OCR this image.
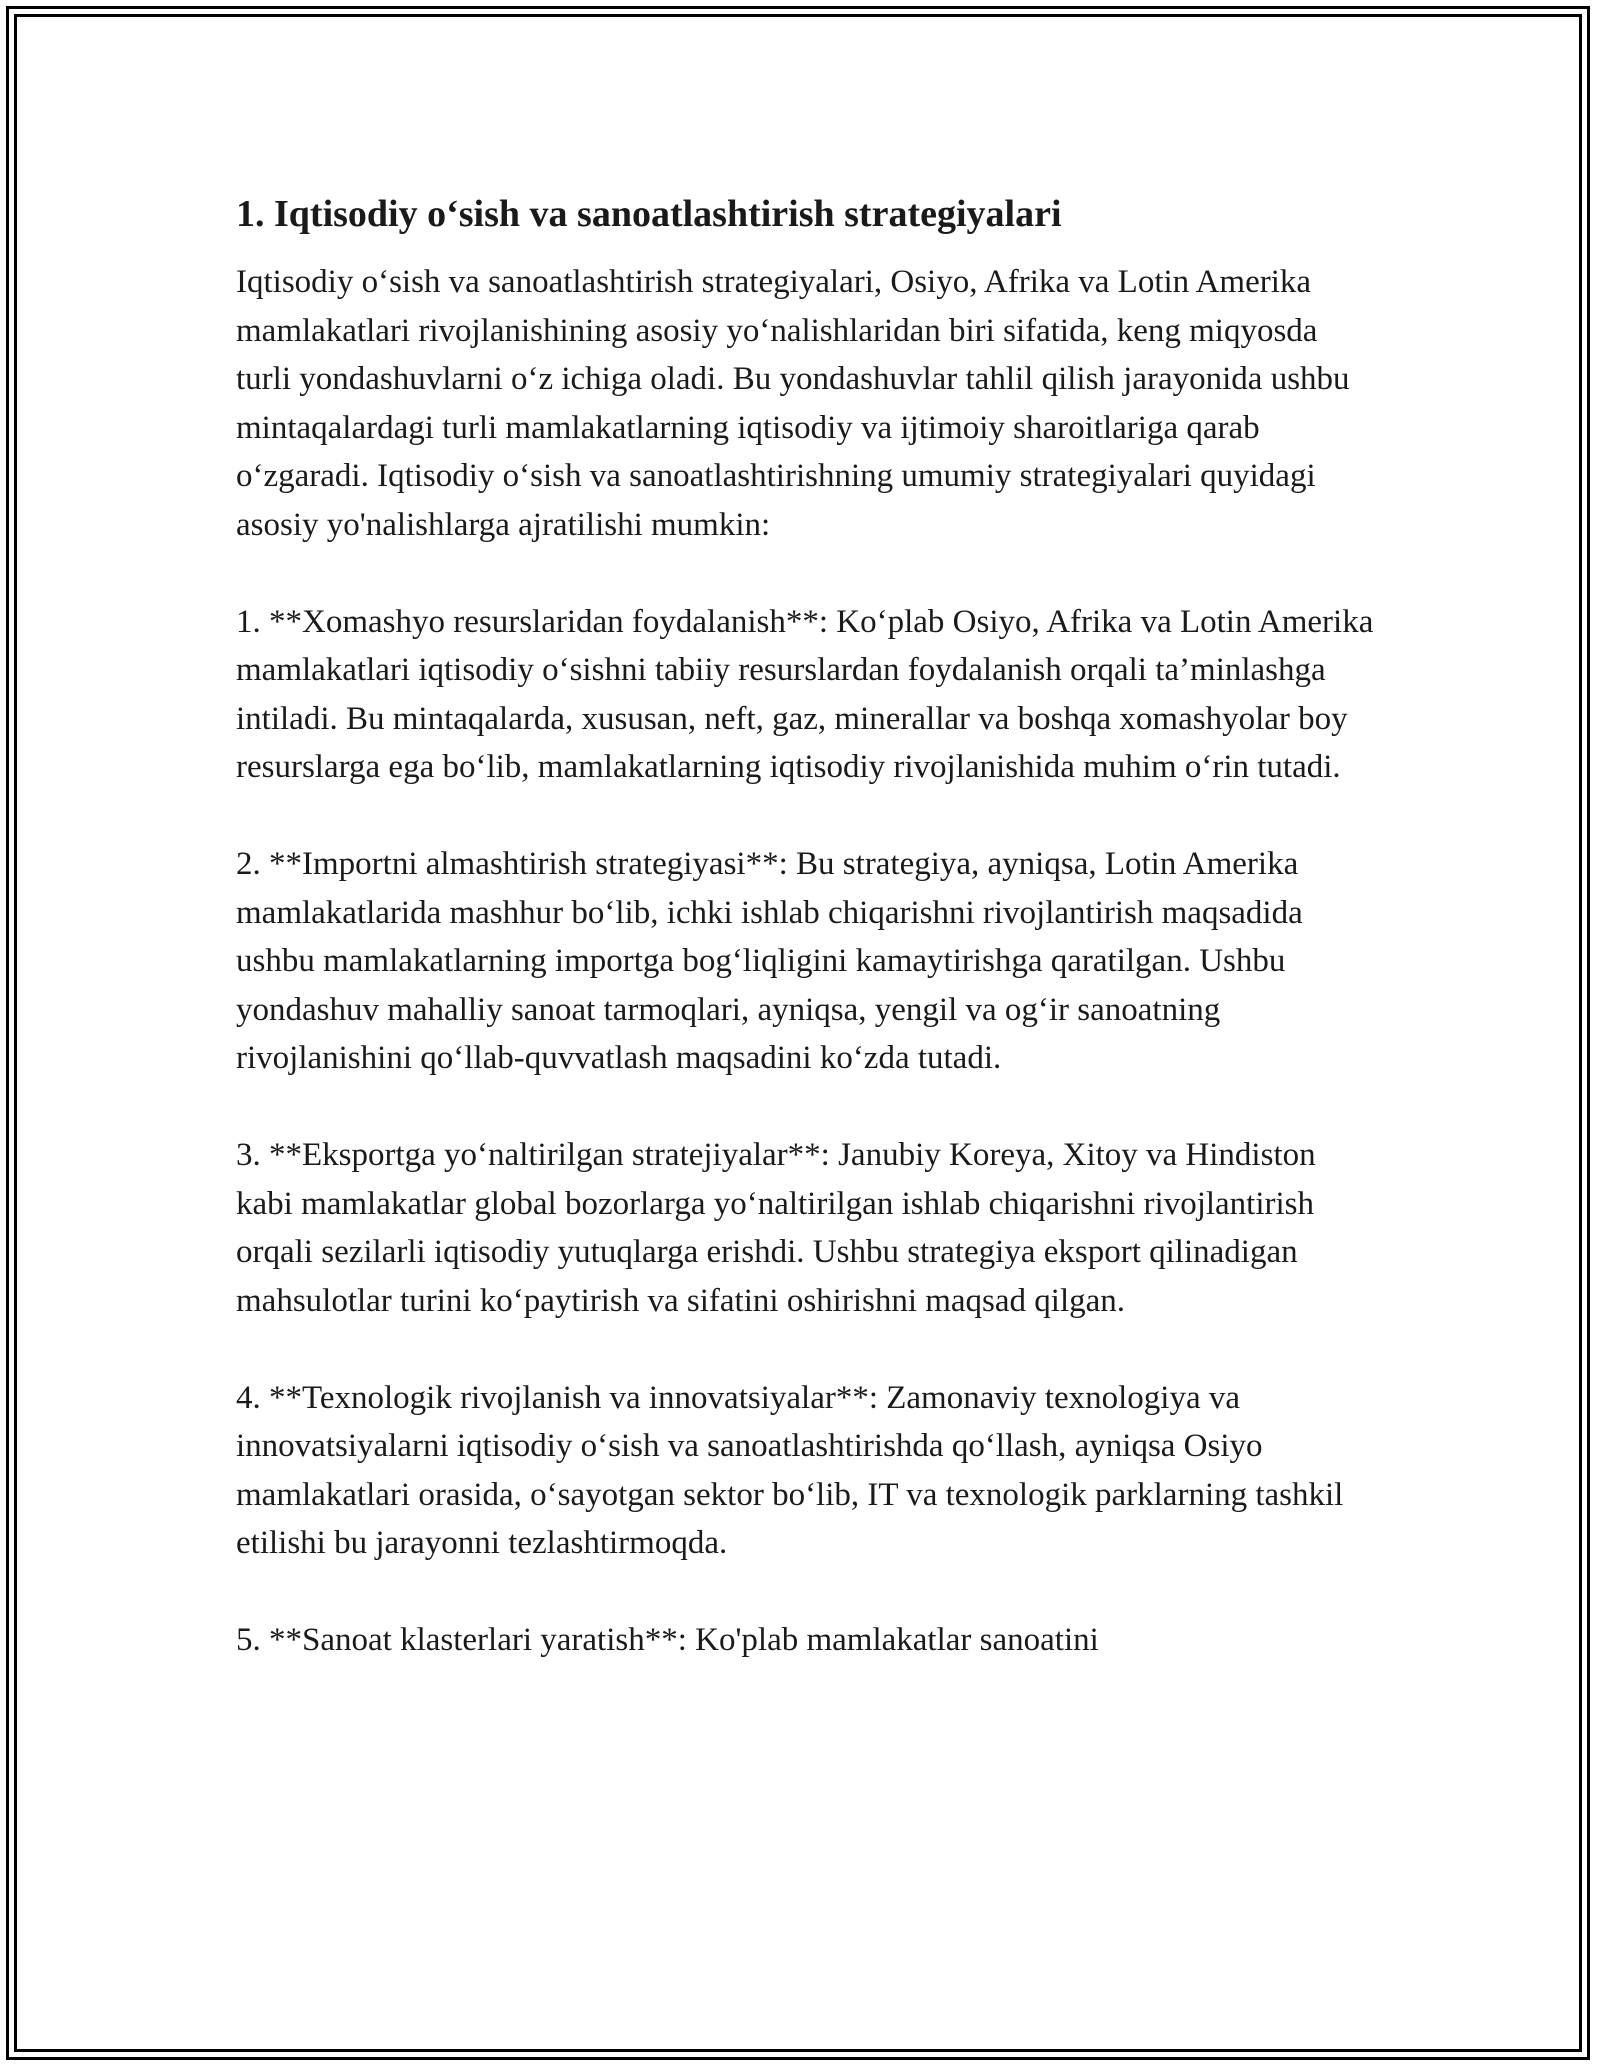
1. Iqtisodiy o‘sish va sanoatlashtirish strategiyalari

Iqtisodiy o‘sish va sanoatlashtirish strategiyalari, Osiyo, Afrika va Lotin Amerika mamlakatlari rivojlanishining asosiy yo‘nalishlaridan biri sifatida, keng miqyosda turli yondashuvlarni o‘z ichiga oladi. Bu yondashuvlar tahlil qilish jarayonida ushbu mintaqalardagi turli mamlakatlarning iqtisodiy va ijtimoiy sharoitlariga qarab o‘zgaradi. Iqtisodiy o‘sish va sanoatlashtirishning umumiy strategiyalari quyidagi asosiy yo'nalishlarga ajratilishi mumkin:

1. **Xomashyo resurslaridan foydalanish**: Ko‘plab Osiyo, Afrika va Lotin Amerika mamlakatlari iqtisodiy o‘sishni tabiiy resurslardan foydalanish orqali ta’minlashga intiladi. Bu mintaqalarda, xususan, neft, gaz, minerallar va boshqa xomashyolar boy resurslarga ega bo‘lib, mamlakatlarning iqtisodiy rivojlanishida muhim o‘rin tutadi.

2. **Importni almashtirish strategiyasi**: Bu strategiya, ayniqsa, Lotin Amerika mamlakatlarida mashhur bo‘lib, ichki ishlab chiqarishni rivojlantirish maqsadida ushbu mamlakatlarning importga bog‘liqligini kamaytirishga qaratilgan. Ushbu yondashuv mahalliy sanoat tarmoqlari, ayniqsa, yengil va og‘ir sanoatning rivojlanishini qo‘llab-quvvatlash maqsadini ko‘zda tutadi.

3. **Eksportga yo‘naltirilgan stratejiyalar**: Janubiy Koreya, Xitoy va Hindiston kabi mamlakatlar global bozorlarga yo‘naltirilgan ishlab chiqarishni rivojlantirish orqali sezilarli iqtisodiy yutuqlarga erishdi. Ushbu strategiya eksport qilinadigan mahsulotlar turini ko‘paytirish va sifatini oshirishni maqsad qilgan.

4. **Texnologik rivojlanish va innovatsiyalar**: Zamonaviy texnologiya va innovatsiyalarni iqtisodiy o‘sish va sanoatlashtirishda qo‘llash, ayniqsa Osiyo mamlakatlari orasida, o‘sayotgan sektor bo‘lib, IT va texnologik parklarning tashkil etilishi bu jarayonni tezlashtirmoqda.

5. **Sanoat klasterlari yaratish**: Ko'plab mamlakatlar sanoatini
